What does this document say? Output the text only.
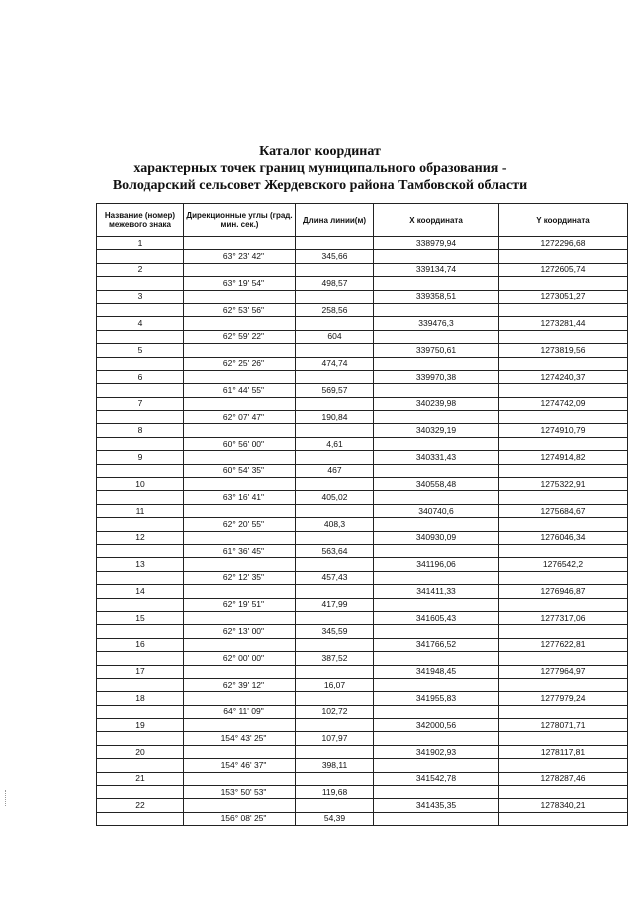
Каталог координат
характерных точек границ муниципального образования -
Володарский сельсовет Жердевского района Тамбовской области
Название (номер) межевого знака	Дирекционные углы (град. мин. сек.)	Длина линии(м)	X координата	Y координата
1			338979,94	1272296,68
	63° 23' 42"	345,66		
2			339134,74	1272605,74
	63° 19' 54"	498,57		
3			339358,51	1273051,27
	62° 53' 56"	258,56		
4			339476,3	1273281,44
	62° 59' 22"	604		
5			339750,61	1273819,56
	62° 25' 26"	474,74		
6			339970,38	1274240,37
	61° 44' 55"	569,57		
7			340239,98	1274742,09
	62° 07' 47"	190,84		
8			340329,19	1274910,79
	60° 56' 00"	4,61		
9			340331,43	1274914,82
	60° 54' 35"	467		
10			340558,48	1275322,91
	63° 16' 41"	405,02		
11			340740,6	1275684,67
	62° 20' 55"	408,3		
12			340930,09	1276046,34
	61° 36' 45"	563,64		
13			341196,06	1276542,2
	62° 12' 35"	457,43		
14			341411,33	1276946,87
	62° 19' 51"	417,99		
15			341605,43	1277317,06
	62° 13' 00"	345,59		
16			341766,52	1277622,81
	62° 00' 00"	387,52		
17			341948,45	1277964,97
	62° 39' 12"	16,07		
18			341955,83	1277979,24
	64° 11' 09"	102,72		
19			342000,56	1278071,71
	154° 43' 25"	107,97		
20			341902,93	1278117,81
	154° 46' 37"	398,11		
21			341542,78	1278287,46
	153° 50' 53"	119,68		
22			341435,35	1278340,21
	156° 08' 25"	54,39		
